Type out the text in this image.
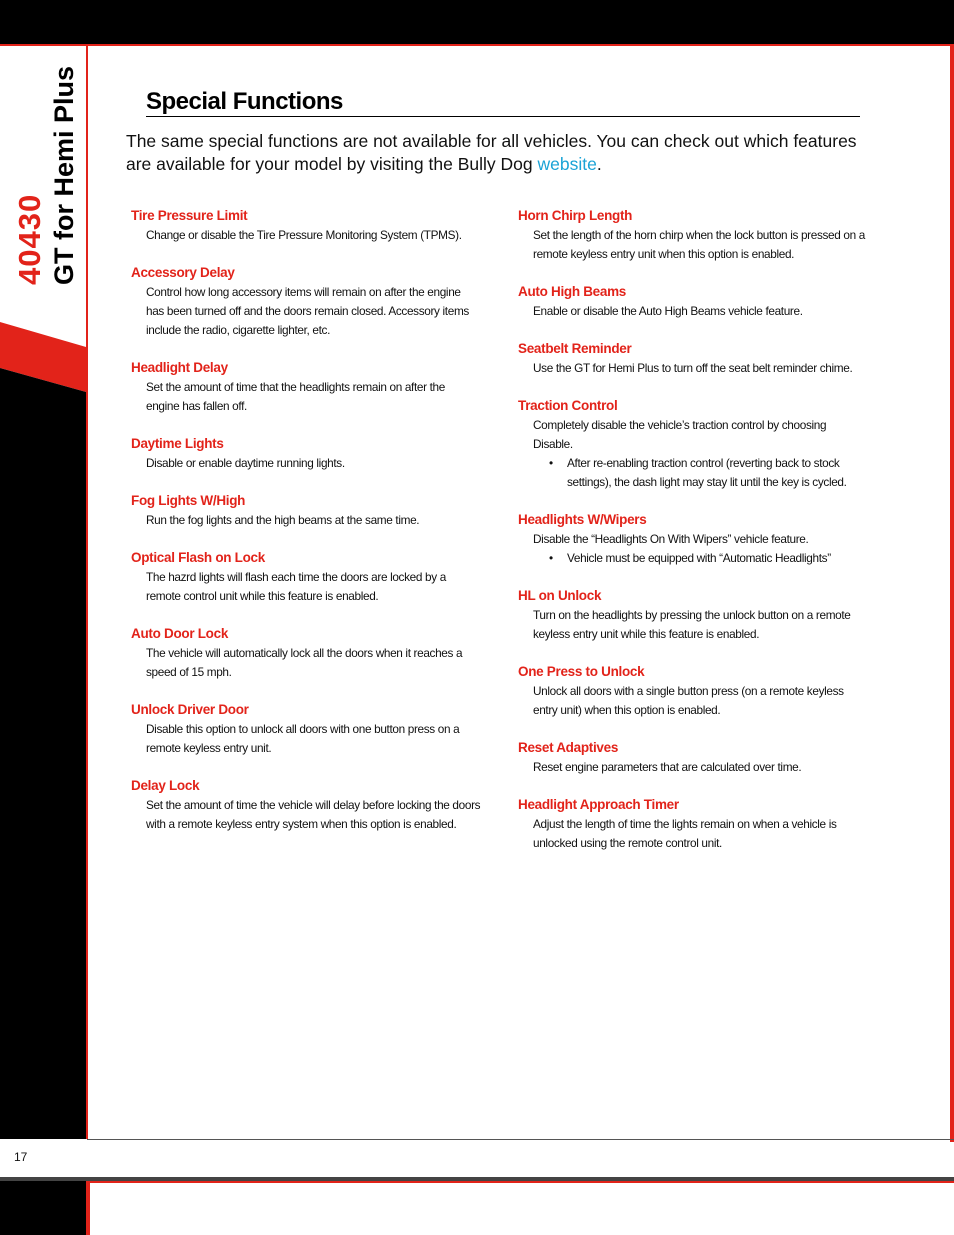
40430 GT for Hemi Plus	Special Functions
The same special functions are not available for all vehicles. You can check out which features are available for your model by visiting the Bully Dog website.
Tire Pressure Limit
Change or disable the Tire Pressure Monitoring System (TPMS).
Accessory Delay
Control how long accessory items will remain on after the engine has been turned off and the doors remain closed. Accessory items include the radio, cigarette lighter, etc.
Headlight Delay
Set the amount of time that the headlights remain on after the engine has fallen off.
Daytime Lights
Disable or enable daytime running lights.
Fog Lights W/High
Run the fog lights and the high beams at the same time.
Optical Flash on Lock
The hazrd lights will flash each time the doors are locked by a remote control unit while this feature is enabled.
Auto Door Lock
The vehicle will automatically lock all the doors when it reaches a speed of 15 mph.
Unlock Driver Door
Disable this option to unlock all doors with one button press on a remote keyless entry unit.
Delay Lock
Set the amount of time the vehicle will delay before locking the doors with a remote keyless entry system when this option is enabled.
Horn Chirp Length
Set the length of the horn chirp when the lock button is pressed on a remote keyless entry unit when this option is enabled.
Auto High Beams
Enable or disable the Auto High Beams vehicle feature.
Seatbelt Reminder
Use the GT for Hemi Plus to turn off the seat belt reminder chime.
Traction Control
Completely disable the vehicle’s traction control by choosing Disable.
• After re-enabling traction control (reverting back to stock settings), the dash light may stay lit until the key is cycled.
Headlights W/Wipers
Disable the “Headlights On With Wipers” vehicle feature.
• Vehicle must be equipped with “Automatic Headlights”
HL on Unlock
Turn on the headlights by pressing the unlock button on a remote keyless entry unit while this feature is enabled.
One Press to Unlock
Unlock all doors with a single button press (on a remote keyless entry unit) when this option is enabled.
Reset Adaptives
Reset engine parameters that are calculated over time.
Headlight Approach Timer
Adjust the length of time the lights remain on when a vehicle is unlocked using the remote control unit.
17
